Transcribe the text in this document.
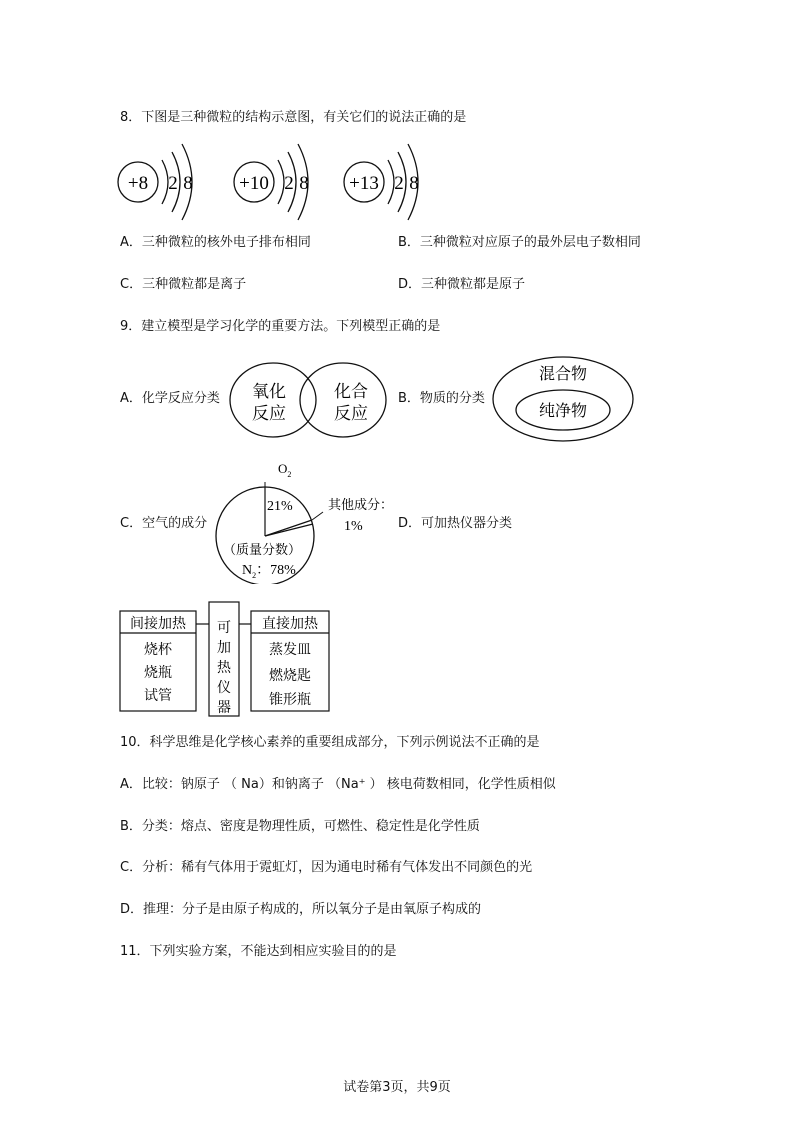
8．下图是三种微粒的结构示意图，有关它们的说法正确的是
+8 2 8 +10 2 8 +13 2 8
A．三种微粒的核外电子排布相同	B．三种微粒对应原子的最外层电子数相同
C．三种微粒都是离子	D．三种微粒都是原子
9．建立模型是学习化学的重要方法。下列模型正确的是
A．化学反应分类 氧化
反应
化合
反应
B．物质的分类
混合物
纯净物
C．空气的成分
$O_2$
21%	其他成分：
1%
（质量分数）
$N_2$：78%
D．可加热仪器分类
间接加热
烧杯
烧瓶
试管
可
加
热
仪
器
直接加热
蒸发皿
燃烧匙
锥形瓶
10．科学思维是化学核心素养的重要组成部分，下列示例说法不正确的是
A．比较：钠原子 （ Na）和钠离子 （Na⁺ ） 核电荷数相同，化学性质相似
B．分类：熔点、密度是物理性质，可燃性、稳定性是化学性质
C．分析：稀有气体用于霓虹灯，因为通电时稀有气体发出不同颜色的光
D．推理：分子是由原子构成的，所以氧分子是由氧原子构成的
11．下列实验方案，不能达到相应实验目的的是
试卷第3页，共9页
